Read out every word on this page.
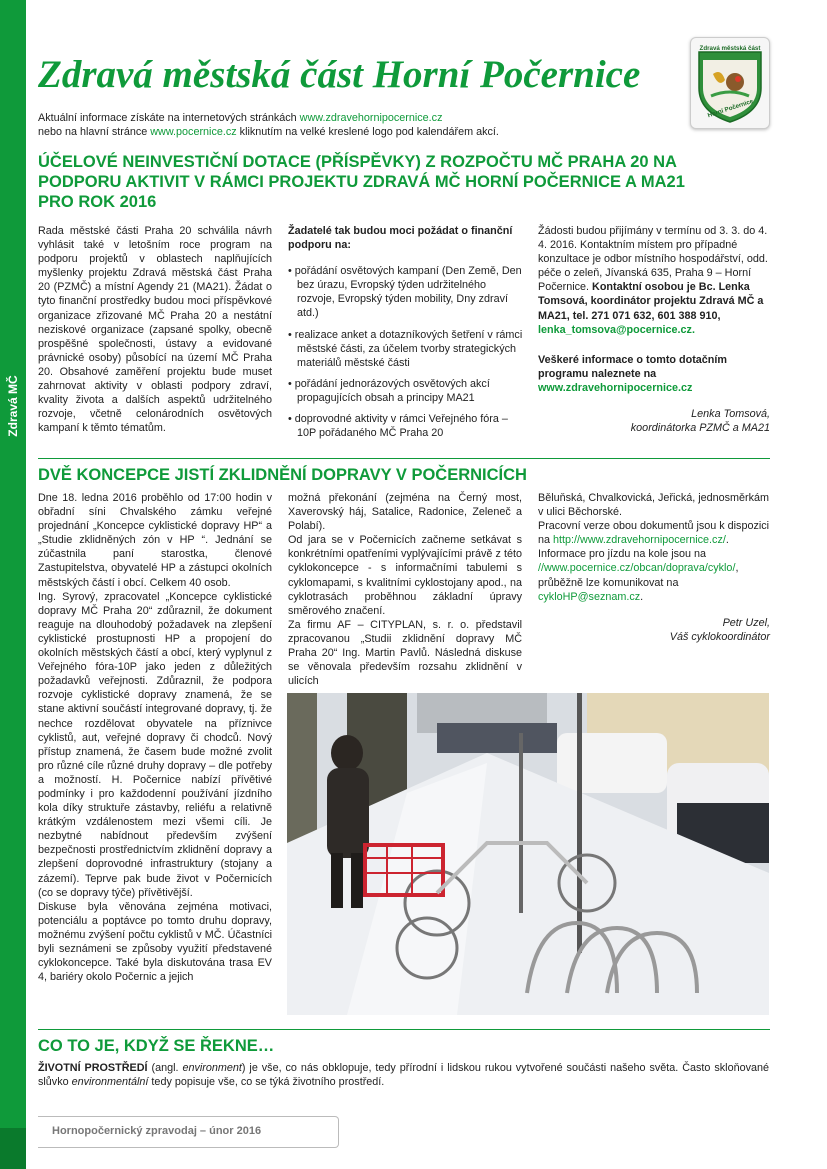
Zdravá MČ
Zdravá městská část Horní Počernice
Aktuální informace získáte na internetových stránkách www.zdravehornipocernice.cz
nebo na hlavní stránce www.pocernice.cz kliknutím na velké kreslené logo pod kalendářem akcí.
Zdravá městská část
Horní Počernice
ÚČELOVÉ NEINVESTIČNÍ DOTACE (PŘÍSPĚVKY) Z ROZPOČTU MČ PRAHA 20 NA
PODPORU AKTIVIT V RÁMCI PROJEKTU ZDRAVÁ MČ HORNÍ POČERNICE A MA21
PRO ROK 2016

Rada městské části Praha 20 schválila návrh vyhlásit také v letošním roce program na podporu projektů v oblastech naplňujících myšlenky projektu Zdravá městská část Praha 20 (PZMČ) a místní Agendy 21 (MA21). Žádat o tyto finanční prostředky budou moci příspěvkové organizace zřizované MČ Praha 20 a nestátní neziskové organizace (zapsané spolky, obecně prospěšné společnosti, ústavy a evidované právnické osoby) působící na území MČ Praha 20. Obsahové zaměření projektu bude muset zahrnovat aktivity v oblasti podpory zdraví, kvality života a dalších aspektů udržitelného rozvoje, včetně celonárodních osvětových kampaní k těmto tématům.

Žadatelé tak budou moci požádat o finanční podporu na:

• pořádání osvětových kampaní (Den Země, Den bez úrazu, Evropský týden udržitelného rozvoje, Evropský týden mobility, Dny zdraví atd.)
• realizace anket a dotazníkových šetření v rámci městské části, za účelem tvorby strategických materiálů městské části
• pořádání jednorázových osvětových akcí propagujících obsah a principy MA21
• doprovodné aktivity v rámci Veřejného fóra – 10P pořádaného MČ Praha 20

Žádosti budou přijímány v termínu od 3. 3. do 4. 4. 2016. Kontaktním místem pro případné konzultace je odbor místního hospodářství, odd. péče o zeleň, Jívanská 635, Praha 9 – Horní Počernice. Kontaktní osobou je Bc. Lenka Tomsová, koordinátor projektu Zdravá MČ a MA21, tel. 271 071 632, 601 388 910,
lenka_tomsova@pocernice.cz.

Veškeré informace o tomto dotačním programu naleznete na

www.zdravehornipocernice.cz

Lenka Tomsová,

koordinátorka PZMČ a MA21

DVĚ KONCEPCE JISTÍ ZKLIDNĚNÍ DOPRAVY V POČERNICÍCH

Dne 18. ledna 2016 proběhlo od 17:00 hodin v obřadní síni Chvalského zámku veřejné projednání „Koncepce cyklistické dopravy HP“ a „Studie zklidněných zón v HP “. Jednání se zúčastnila paní starostka, členové Zastupitelstva, obyvatelé HP a zástupci okolních městských částí i obcí. Celkem 40 osob.

Ing. Syrový, zpracovatel „Koncepce cyklistické dopravy MČ Praha 20“ zdůraznil, že dokument reaguje na dlouhodobý požadavek na zlepšení cyklistické prostupnosti HP a propojení do okolních městských částí a obcí, který vyplynul z Veřejného fóra-10P jako jeden z důležitých požadavků veřejnosti. Zdůraznil, že podpora rozvoje cyklistické dopravy znamená, že se stane aktivní součástí integrované dopravy, tj. že nechce rozdělovat obyvatele na příznivce cyklistů, aut, veřejné dopravy či chodců. Nový přístup znamená, že časem bude možné zvolit pro různé cíle různé druhy dopravy – dle potřeby a možností. H. Počernice nabízí přívětivé podmínky i pro každodenní používání jízdního kola díky struktuře zástavby, reliéfu a relativně krátkým vzdálenostem mezi všemi cíli. Je nezbytné nabídnout především zvýšení bezpečnosti prostřednictvím zklidnění dopravy a zlepšení doprovodné infrastruktury (stojany a zázemí). Teprve pak bude život v Počernicích (co se dopravy týče) přívětivější.

Diskuse byla věnována zejména motivaci, potenciálu a poptávce po tomto druhu dopravy, možnému zvýšení počtu cyklistů v MČ. Účastníci byli seznámeni se způsoby využití představené cyklokoncepce. Také byla diskutována trasa EV 4, bariéry okolo Počernic a jejich

možná překonání (zejména na Černý most, Xaverovský háj, Satalice, Radonice, Zeleneč a Polabí).

Od jara se v Počernicích začneme setkávat s konkrétními opatřeními vyplývajícími právě z této cyklokoncepce - s informačními tabulemi s cyklomapami, s kvalitními cyklostojany apod., na cyklotrasách proběhnou základní úpravy směrového značení.

Za firmu AF – CITYPLAN, s. r. o. představil zpracovanou „Studii zklidnění dopravy MČ Praha 20“ Ing. Martin Pavlů. Následná diskuse se věnovala především rozsahu zklidnění v ulicích

Běluňská, Chvalkovická, Jeřická, jednosměrkám v ulici Běchorské.

Pracovní verze obou dokumentů jsou k dispozici na http://www.zdravehornipocernice.cz/. Informace pro jízdu na kole jsou na //www.pocernice.cz/obcan/doprava/cyklo/, průběžně lze komunikovat na cykloHP@seznam.cz.

Petr Uzel,

Váš cyklokoordinátor

CO TO JE, KDYŽ SE ŘEKNE…
ŽIVOTNÍ PROSTŘEDÍ (angl. environment) je vše, co nás obklopuje, tedy přírodní i lidskou rukou vytvořené součásti našeho světa. Často skloňované slůvko environmentální tedy popisuje vše, co se týká životního prostředí.
Hornopočernický zpravodaj – únor 2016
